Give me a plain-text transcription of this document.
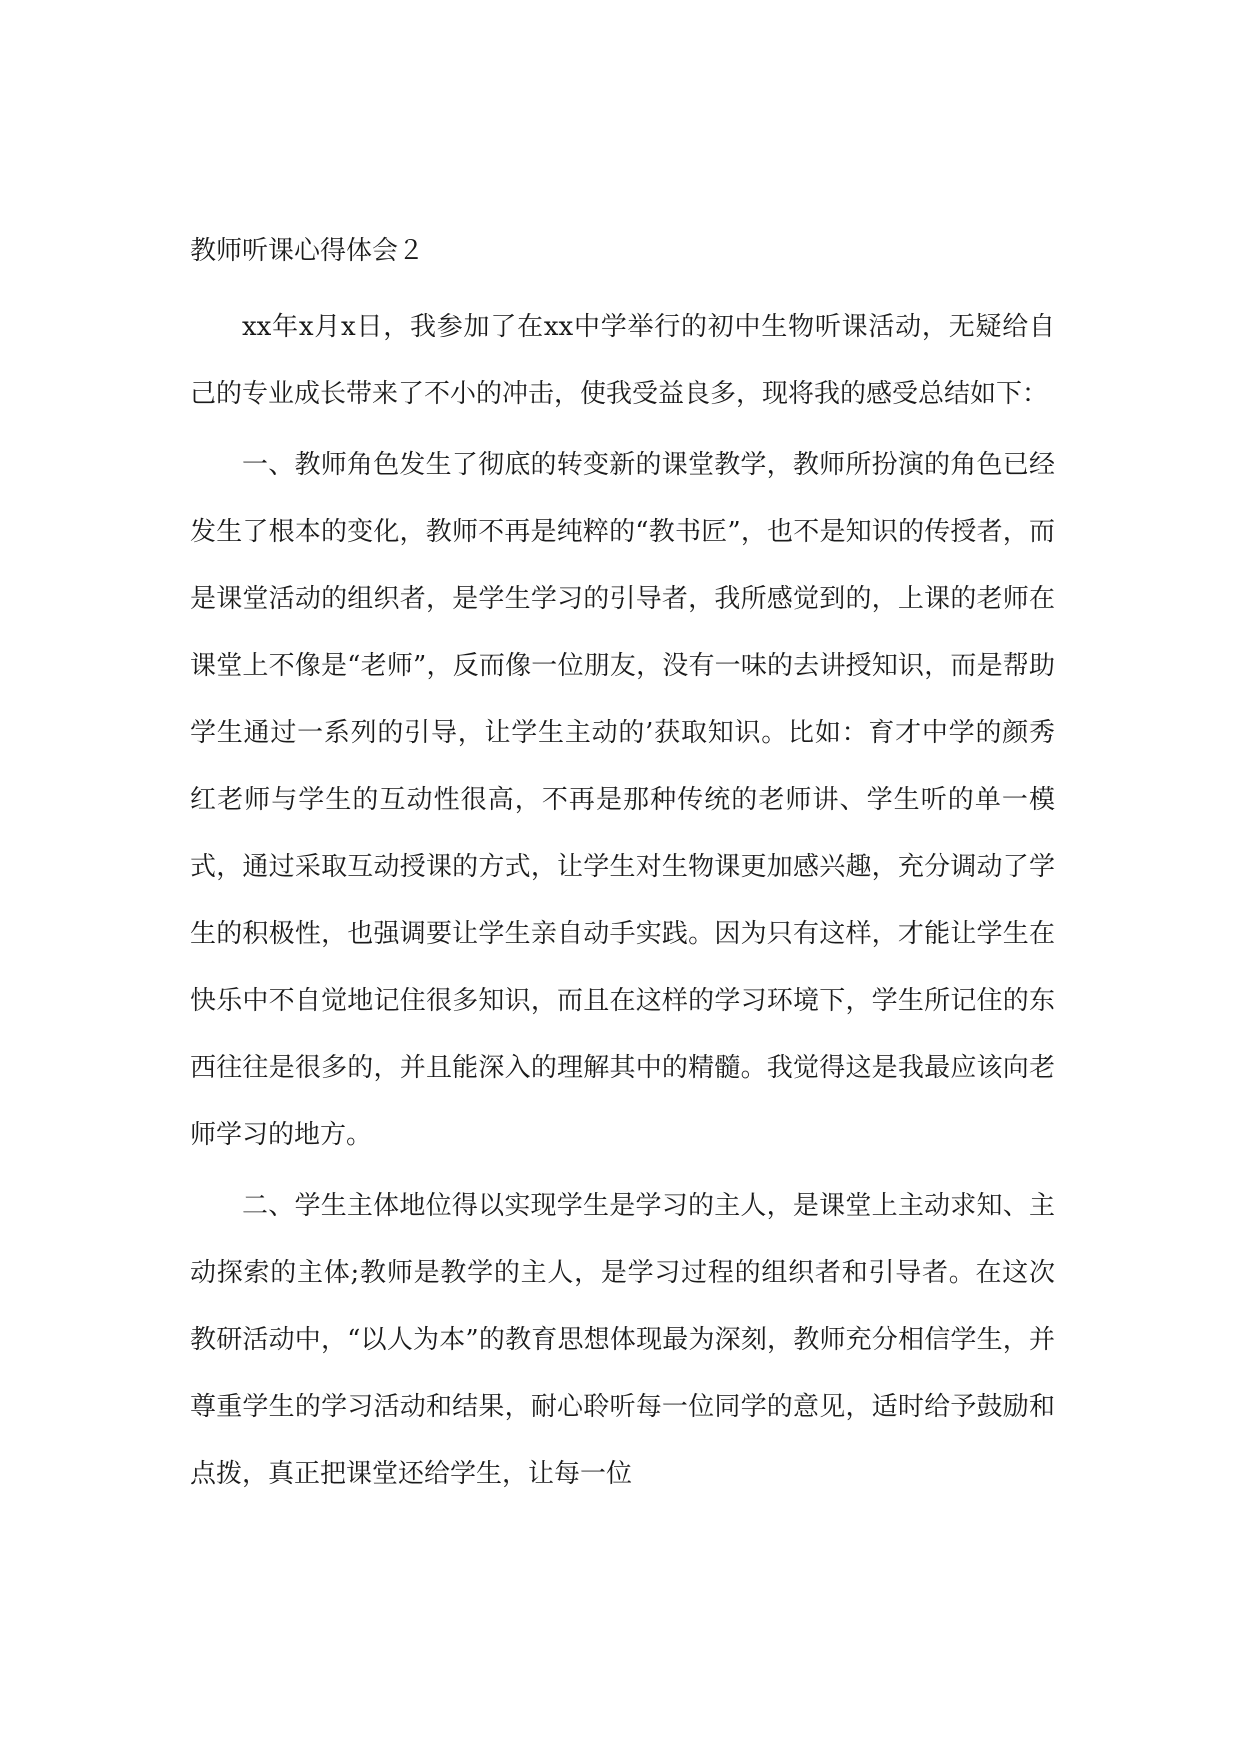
教师听课心得体会２

xx年x月x日，我参加了在xx中学举行的初中生物听课活动，无疑给自己的专业成长带来了不小的冲击，使我受益良多，现将我的感受总结如下：

一、教师角色发生了彻底的转变新的课堂教学，教师所扮演的角色已经发生了根本的变化，教师不再是纯粹的“教书匠”，也不是知识的传授者，而是课堂活动的组织者，是学生学习的引导者，我所感觉到的，上课的老师在课堂上不像是“老师”，反而像一位朋友，没有一味的去讲授知识，而是帮助学生通过一系列的引导，让学生主动的’获取知识。比如：育才中学的颜秀红老师与学生的互动性很高，不再是那种传统的老师讲、学生听的单一模式，通过采取互动授课的方式，让学生对生物课更加感兴趣，充分调动了学生的积极性，也强调要让学生亲自动手实践。因为只有这样，才能让学生在快乐中不自觉地记住很多知识，而且在这样的学习环境下，学生所记住的东西往往是很多的，并且能深入的理解其中的精髓。我觉得这是我最应该向老师学习的地方。

二、学生主体地位得以实现学生是学习的主人，是课堂上主动求知、主动探索的主体;教师是教学的主人，是学习过程的组织者和引导者。在这次教研活动中，“以人为本”的教育思想体现最为深刻，教师充分相信学生，并尊重学生的学习活动和结果，耐心聆听每一位同学的意见，适时给予鼓励和点拨，真正把课堂还给学生，让每一位
